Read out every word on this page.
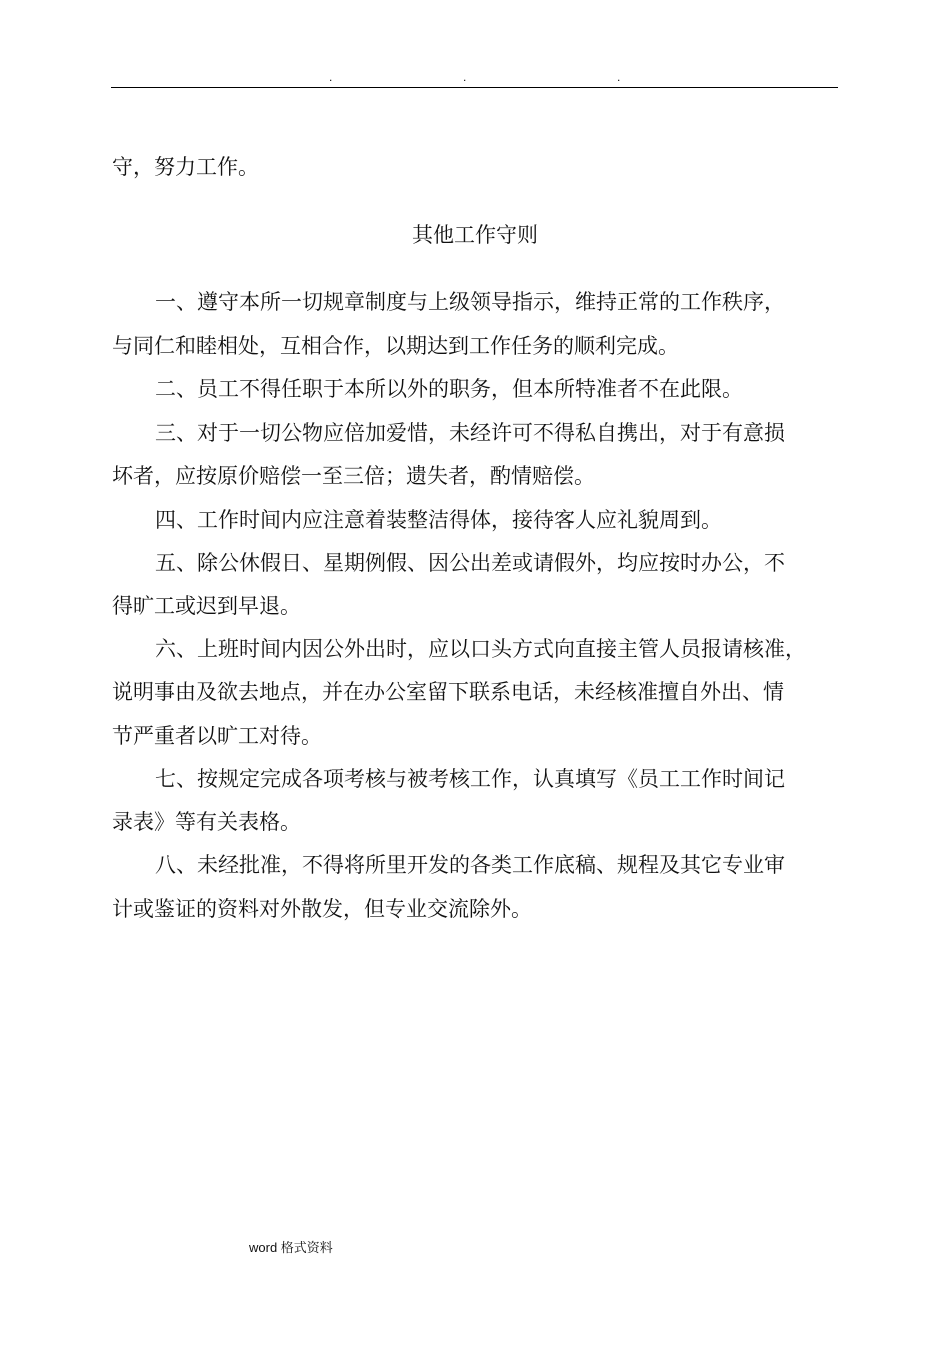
.	.	.
守，努力工作。
其他工作守则
一、遵守本所一切规章制度与上级领导指示，维持正常的工作秩序，
与同仁和睦相处，互相合作，以期达到工作任务的顺利完成。
二、员工不得任职于本所以外的职务，但本所特准者不在此限。
三、对于一切公物应倍加爱惜，未经许可不得私自携出，对于有意损
坏者，应按原价赔偿一至三倍；遗失者，酌情赔偿。
四、工作时间内应注意着装整洁得体，接待客人应礼貌周到。
五、除公休假日、星期例假、因公出差或请假外，均应按时办公，不
得旷工或迟到早退。
六、上班时间内因公外出时，应以口头方式向直接主管人员报请核准，
说明事由及欲去地点，并在办公室留下联系电话，未经核准擅自外出、情
节严重者以旷工对待。
七、按规定完成各项考核与被考核工作，认真填写《员工工作时间记
录表》等有关表格。
八、未经批准，不得将所里开发的各类工作底稿、规程及其它专业审
计或鉴证的资料对外散发，但专业交流除外。
word 格式资料
